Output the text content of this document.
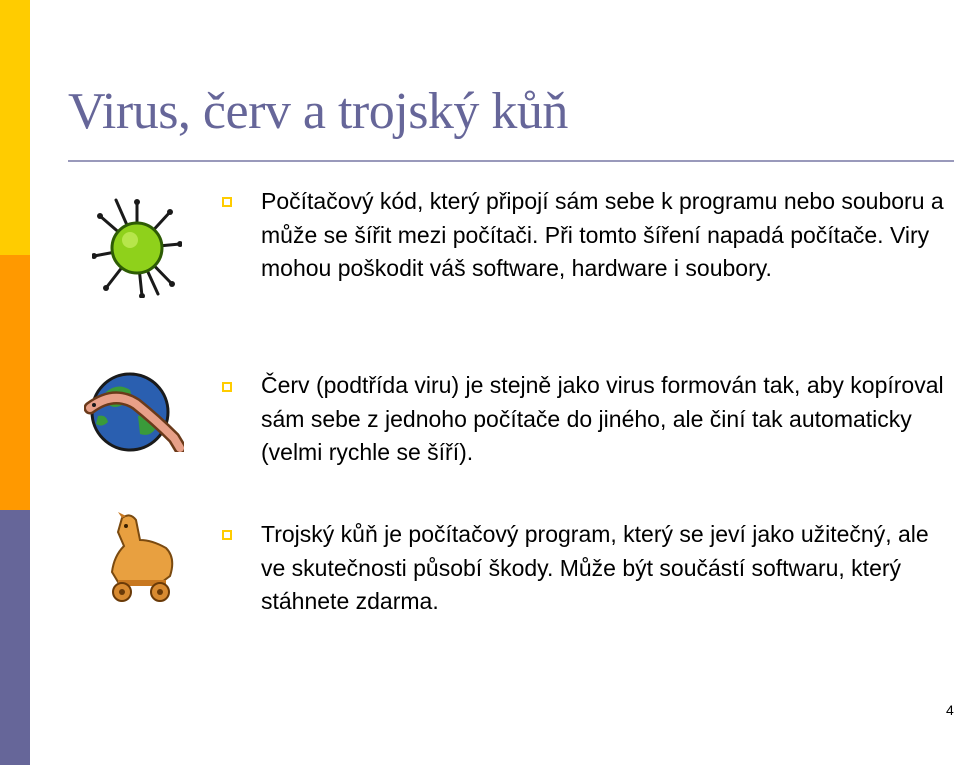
Virus, červ a trojský kůň
Počítačový kód, který připojí sám sebe k programu nebo souboru a může se šířit mezi počítači. Při tomto šíření napadá počítače. Viry mohou poškodit váš software, hardware i soubory.
Červ (podtřída viru) je stejně jako virus formován tak, aby kopíroval sám sebe z jednoho počítače do jiného, ale činí tak automaticky (velmi rychle se šíří).
Trojský kůň je počítačový program, který se jeví jako užitečný, ale ve skutečnosti působí škody. Může být součástí softwaru, který stáhnete zdarma.
4
